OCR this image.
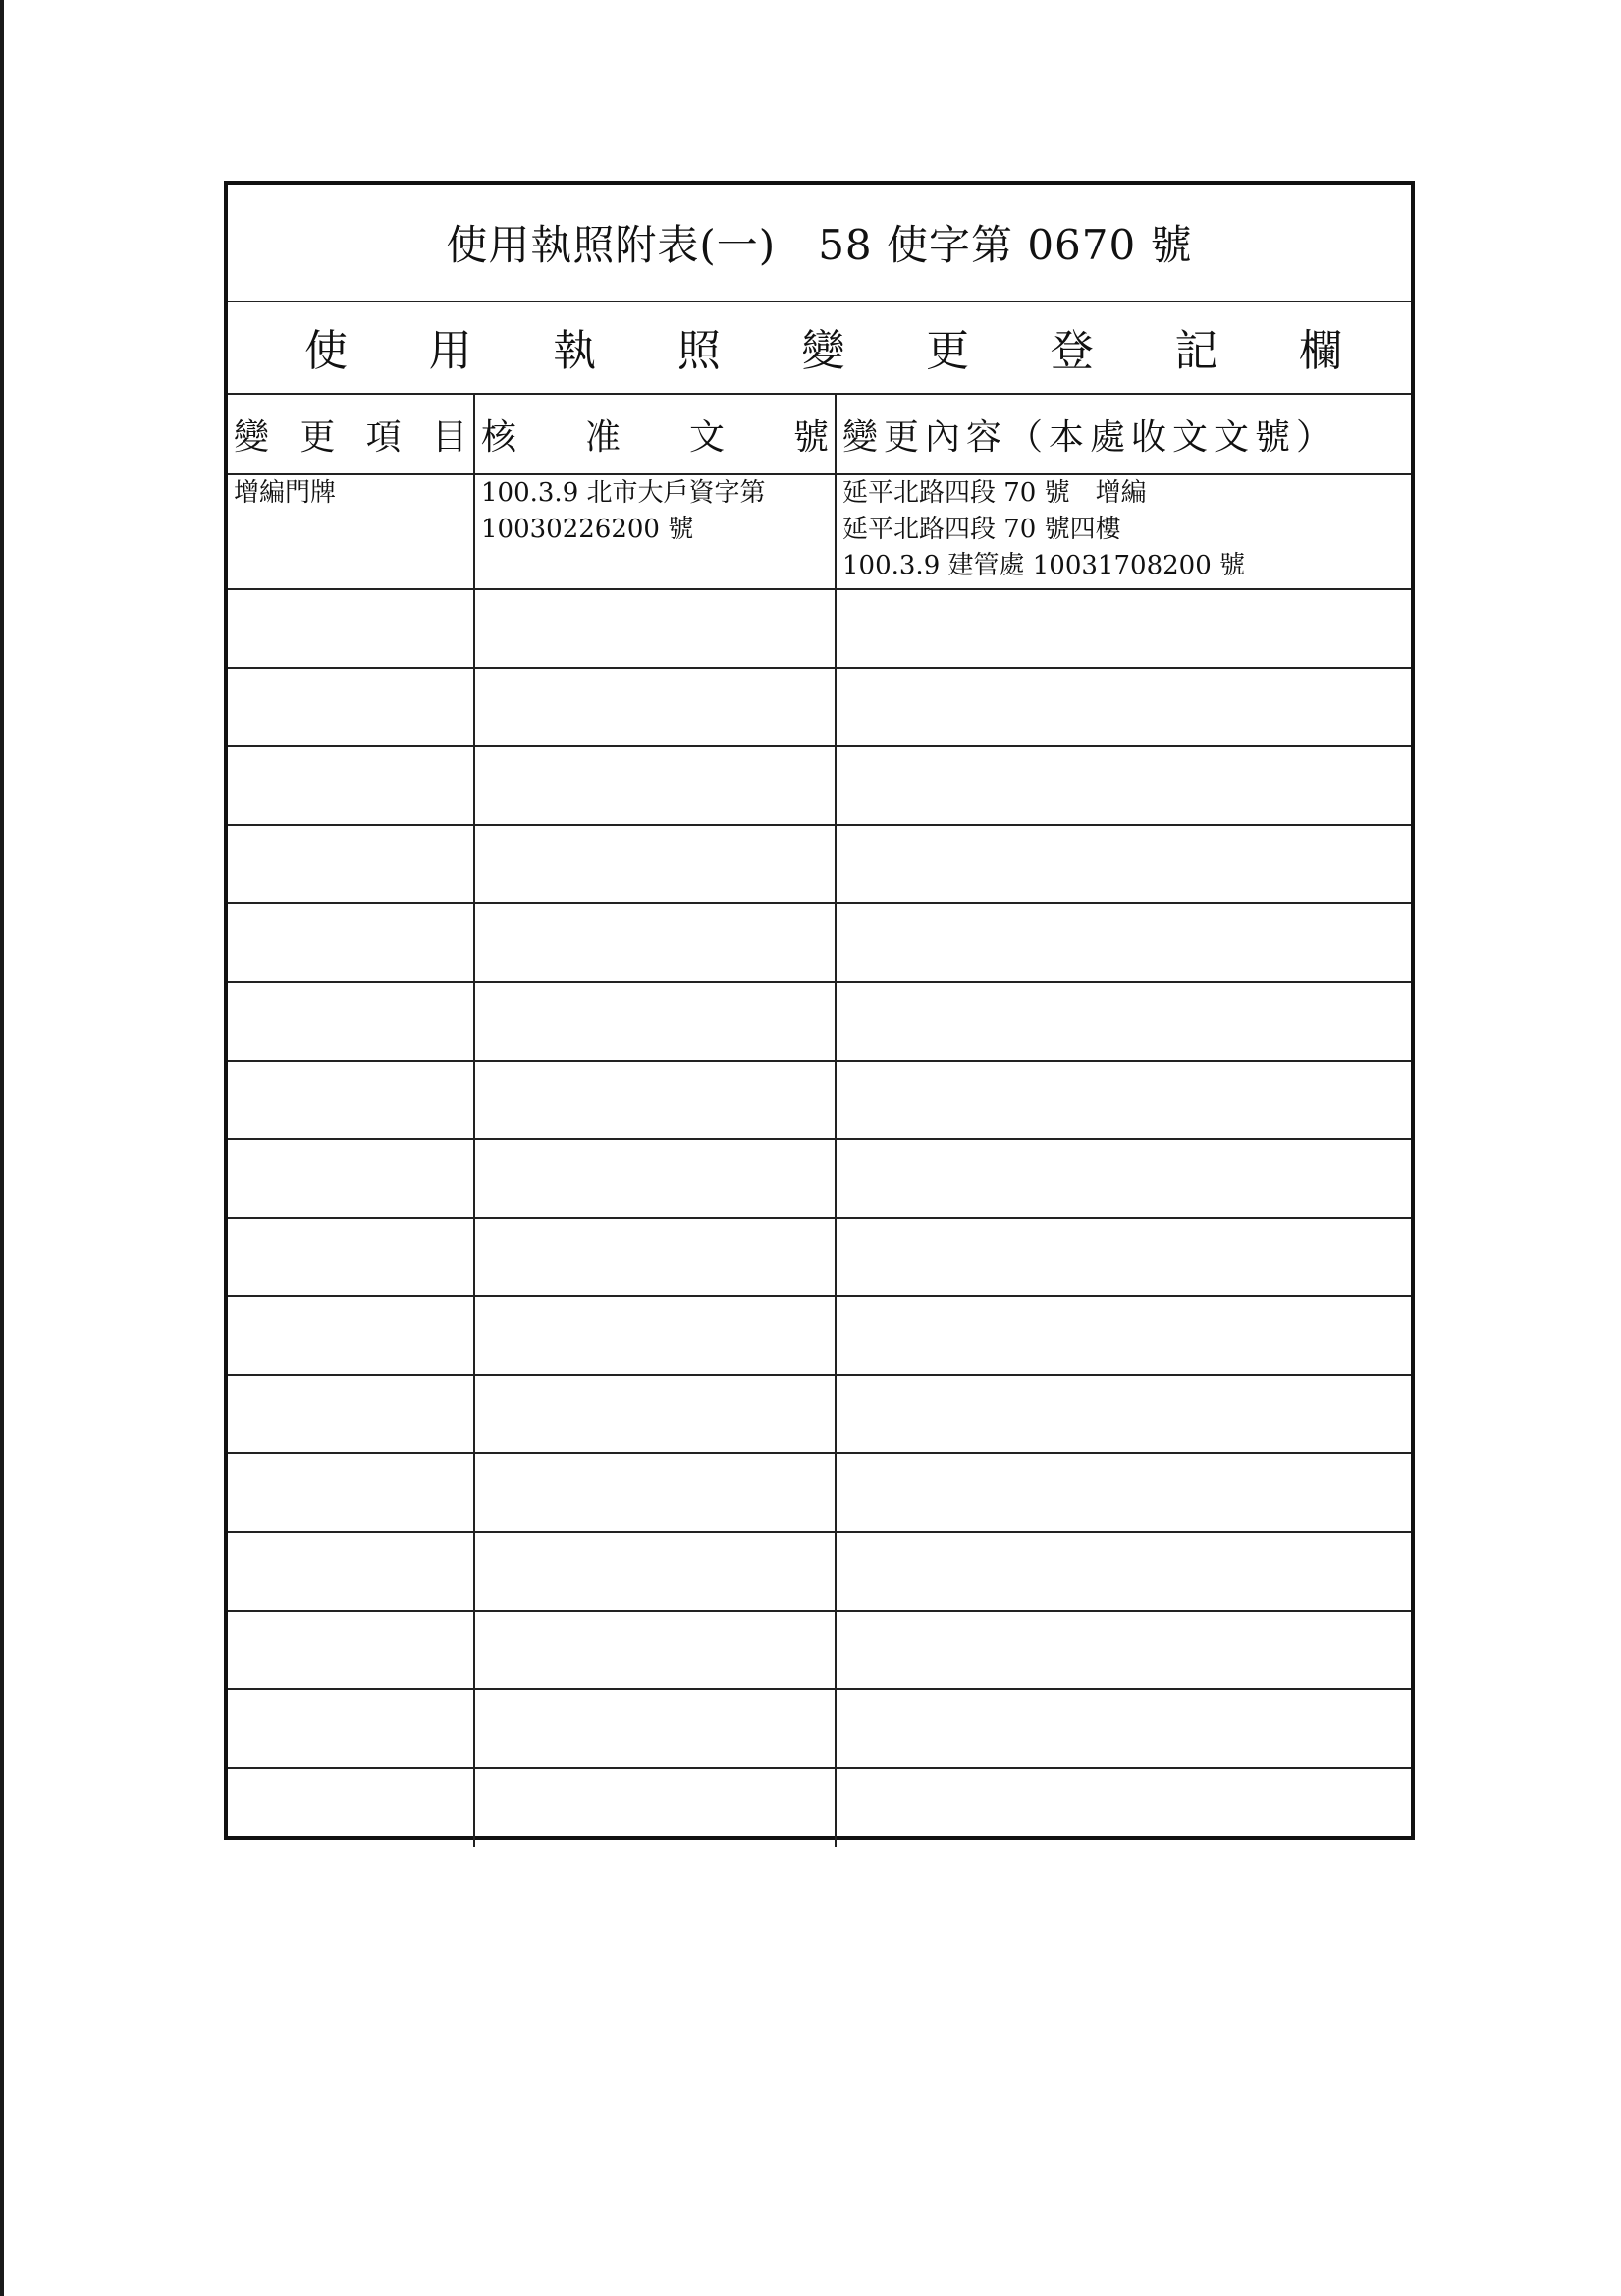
使用執照附表(一)　58 使字第 0670 號
使 用 執 照 變 更 登 記 欄
變 更 項 目 核 准 文 號 變更內容（本處收文文號）
增編門牌	100.3.9 北市大戶資字第
10030226200 號
延平北路四段 70 號　增編
延平北路四段 70 號四樓
100.3.9 建管處 10031708200 號
